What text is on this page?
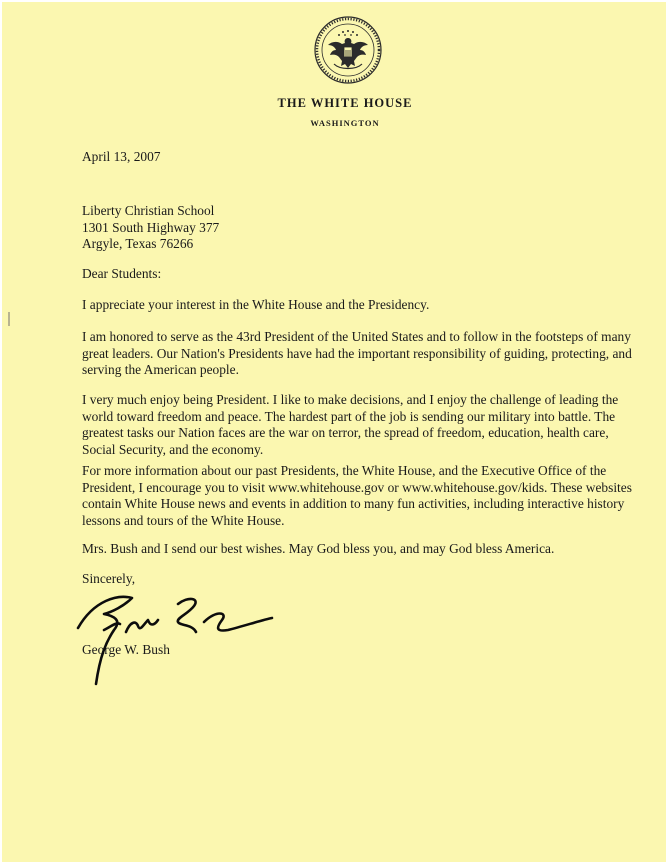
THE WHITE HOUSE
WASHINGTON

April 13, 2007

Liberty Christian School
1301 South Highway 377
Argyle, Texas 76266

Dear Students:

I appreciate your interest in the White House and the Presidency.

I am honored to serve as the 43rd President of the United States and to follow in the footsteps of many great leaders. Our Nation's Presidents have had the important responsibility of guiding, protecting, and serving the American people.

I very much enjoy being President. I like to make decisions, and I enjoy the challenge of leading the world toward freedom and peace. The hardest part of the job is sending our military into battle. The greatest tasks our Nation faces are the war on terror, the spread of freedom, education, health care, Social Security, and the economy.

For more information about our past Presidents, the White House, and the Executive Office of the President, I encourage you to visit www.whitehouse.gov or www.whitehouse.gov/kids. These websites contain White House news and events in addition to many fun activities, including interactive history lessons and tours of the White House.

Mrs. Bush and I send our best wishes. May God bless you, and may God bless America.

Sincerely,

George W. Bush
